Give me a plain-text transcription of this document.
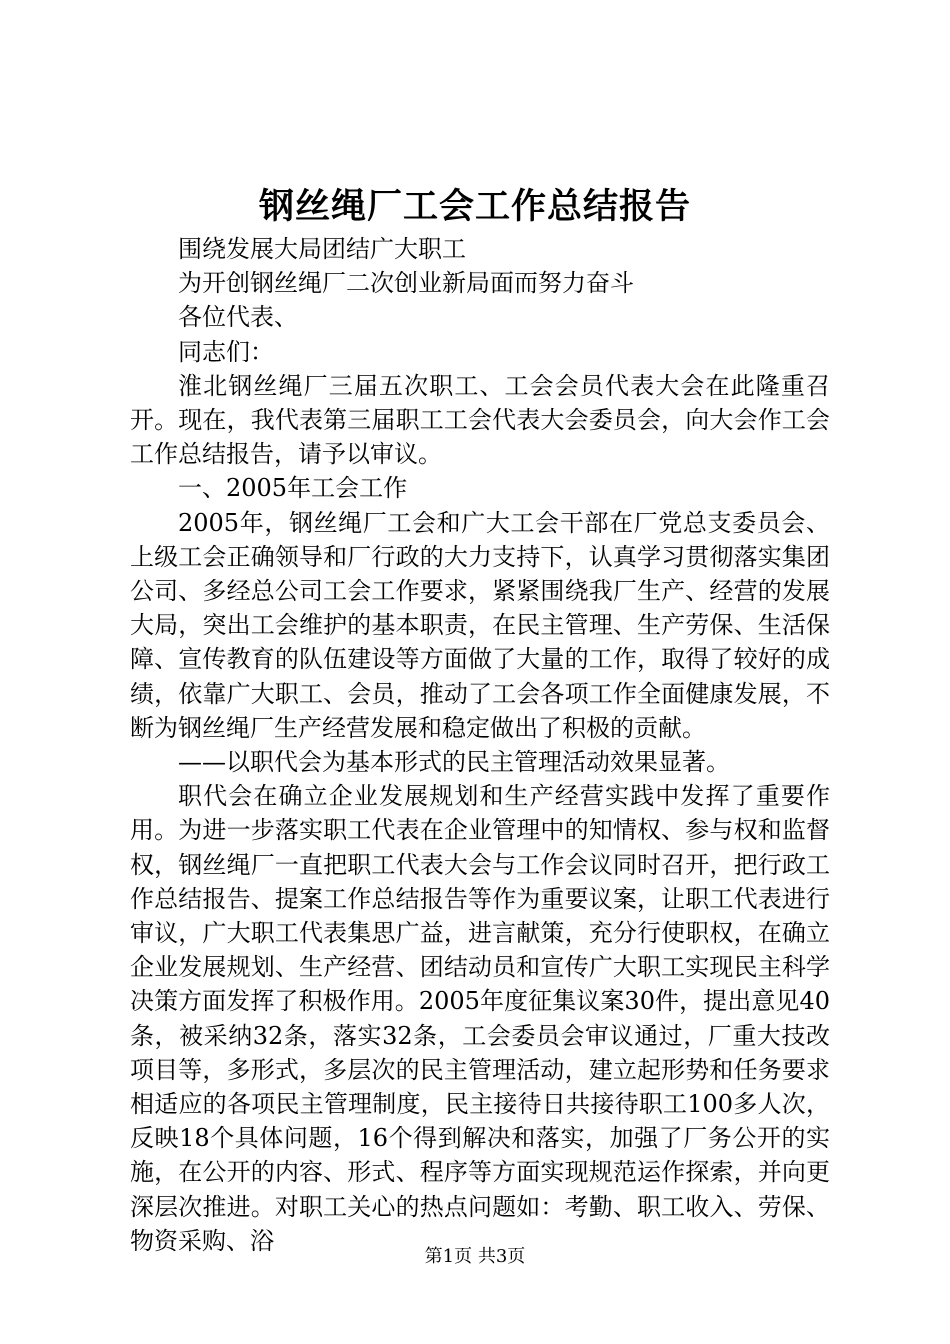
钢丝绳厂工会工作总结报告

围绕发展大局团结广大职工

为开创钢丝绳厂二次创业新局面而努力奋斗

各位代表、

同志们：

淮北钢丝绳厂三届五次职工、工会会员代表大会在此隆重召开。现在，我代表第三届职工工会代表大会委员会，向大会作工会工作总结报告，请予以审议。

一、2005年工会工作

2005年，钢丝绳厂工会和广大工会干部在厂党总支委员会、上级工会正确领导和厂行政的大力支持下，认真学习贯彻落实集团公司、多经总公司工会工作要求，紧紧围绕我厂生产、经营的发展大局，突出工会维护的基本职责，在民主管理、生产劳保、生活保障、宣传教育的队伍建设等方面做了大量的工作，取得了较好的成绩，依靠广大职工、会员，推动了工会各项工作全面健康发展，不断为钢丝绳厂生产经营发展和稳定做出了积极的贡献。

——以职代会为基本形式的民主管理活动效果显著。

职代会在确立企业发展规划和生产经营实践中发挥了重要作用。为进一步落实职工代表在企业管理中的知情权、参与权和监督权，钢丝绳厂一直把职工代表大会与工作会议同时召开，把行政工作总结报告、提案工作总结报告等作为重要议案，让职工代表进行审议，广大职工代表集思广益，进言献策，充分行使职权，在确立企业发展规划、生产经营、团结动员和宣传广大职工实现民主科学决策方面发挥了积极作用。2005年度征集议案30件，提出意见40条，被采纳32条，落实32条，工会委员会审议通过，厂重大技改项目等，多形式，多层次的民主管理活动，建立起形势和任务要求相适应的各项民主管理制度，民主接待日共接待职工100多人次，反映18个具体问题，16个得到解决和落实，加强了厂务公开的实施，在公开的内容、形式、程序等方面实现规范运作探索，并向更深层次推进。对职工关心的热点问题如：考勤、职工收入、劳保、物资采购、浴

第1页 共3页
